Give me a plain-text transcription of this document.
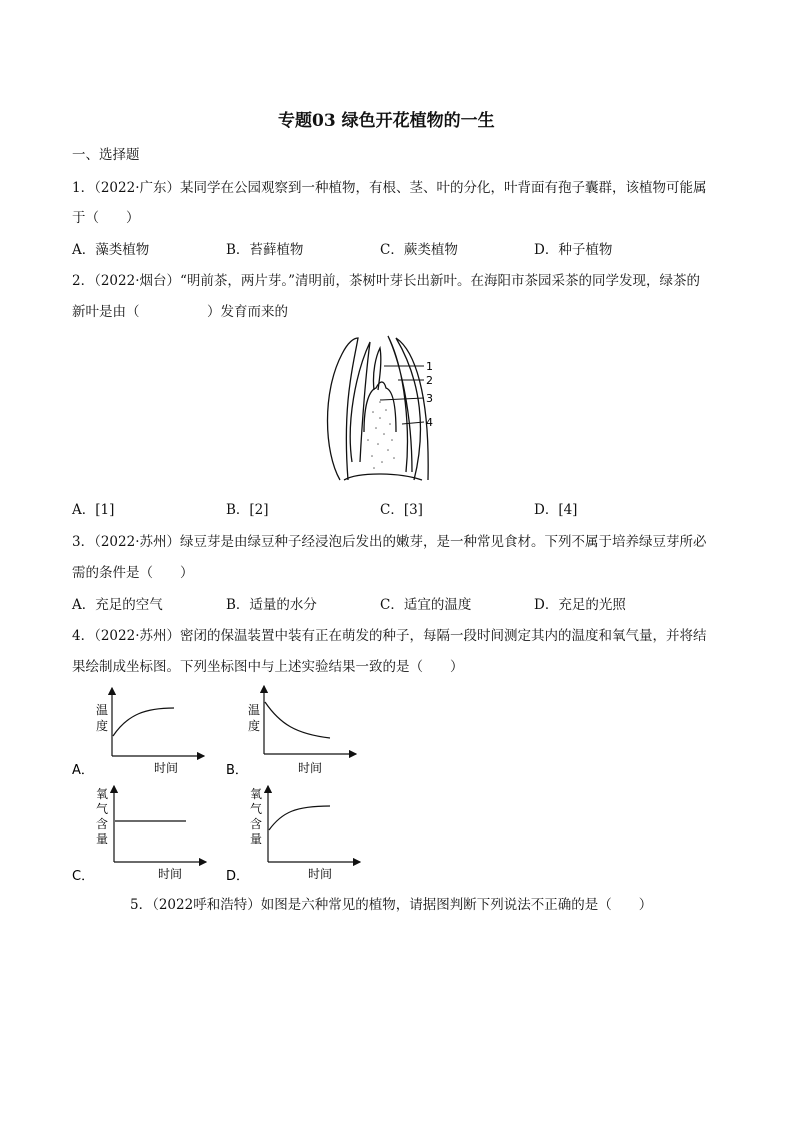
专题03 绿色开花植物的一生
一、选择题
1．（2022·广东）某同学在公园观察到一种植物，有根、茎、叶的分化，叶背面有孢子囊群，该植物可能属
于（　　）
A．藻类植物	B．苔藓植物	C．蕨类植物	D．种子植物
2．（2022·烟台）“明前茶，两片芽。”清明前，茶树叶芽长出新叶。在海阳市茶园采茶的同学发现，绿茶的
新叶是由（　　　　　）发育而来的
1
2
3
4
A．[1]	B．[2]	C．[3]	D．[4]
3．（2022·苏州）绿豆芽是由绿豆种子经浸泡后发出的嫩芽，是一种常见食材。下列不属于培养绿豆芽所必
需的条件是（　　）
A．充足的空气	B．适量的水分	C．适宜的温度	D．充足的光照
4．（2022·苏州）密闭的保温装置中装有正在萌发的种子，每隔一段时间测定其内的温度和氧气量，并将结
果绘制成坐标图。下列坐标图中与上述实验结果一致的是（　　）
温
度
时间
A．
温
度
时间
B．
氧
气
含
量
时间
C．
氧
气
含
量
时间
D．
5．（2022呼和浩特）如图是六种常见的植物，请据图判断下列说法不正确的是（　　）
